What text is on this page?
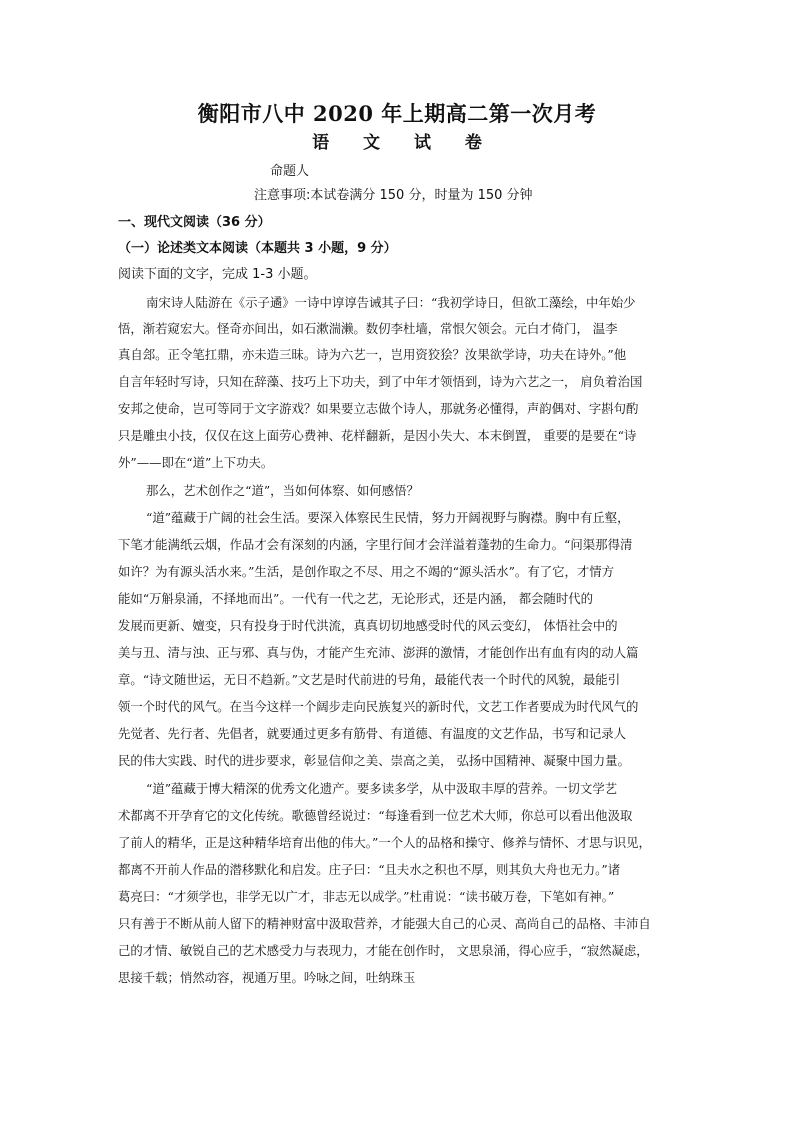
衡阳市八中 2020 年上期高二第一次月考
语 文 试 卷
命题人
注意事项:本试卷满分 150 分，时量为 150 分钟
一、现代文阅读（36 分）
（一）论述类文本阅读（本题共 3 小题，9 分）
阅读下面的文字，完成 1-3 小题。
南宋诗人陆游在《示子遹》一诗中谆谆告诫其子曰：“我初学诗日，但欲工藻绘，中年始少
悟，渐若窥宏大。怪奇亦间出，如石漱湍濑。数仞李杜墙，常恨欠领会。元白才倚门， 温李
真自郐。正令笔扛鼎，亦未造三昧。诗为六艺一，岂用资狡狯？汝果欲学诗，功夫在诗外。”他
自言年轻时写诗，只知在辞藻、技巧上下功夫，到了中年才领悟到，诗为六艺之一， 肩负着治国
安邦之使命，岂可等同于文字游戏？如果要立志做个诗人，那就务必懂得，声韵偶对、字斟句酌
只是雕虫小技，仅仅在这上面劳心费神、花样翻新，是因小失大、本末倒置， 重要的是要在“诗
外”——即在“道”上下功夫。
那么，艺术创作之“道”，当如何体察、如何感悟？
“道”蕴藏于广阔的社会生活。要深入体察民生民情，努力开阔视野与胸襟。胸中有丘壑，
下笔才能满纸云烟，作品才会有深刻的内涵，字里行间才会洋溢着蓬勃的生命力。“问渠那得清
如许？为有源头活水来。”生活，是创作取之不尽、用之不竭的“源头活水”。有了它，才情方
能如“万斛泉涌，不择地而出”。一代有一代之艺，无论形式，还是内涵， 都会随时代的
发展而更新、嬗变，只有投身于时代洪流，真真切切地感受时代的风云变幻， 体悟社会中的
美与丑、清与浊、正与邪、真与伪，才能产生充沛、澎湃的激情，才能创作出有血有肉的动人篇
章。“诗文随世运，无日不趋新。”文艺是时代前进的号角，最能代表一个时代的风貌，最能引
领一个时代的风气。在当今这样一个阔步走向民族复兴的新时代，文艺工作者要成为时代风气的
先觉者、先行者、先倡者，就要通过更多有筋骨、有道德、有温度的文艺作品，书写和记录人
民的伟大实践、时代的进步要求，彰显信仰之美、崇高之美， 弘扬中国精神、凝聚中国力量。
“道”蕴藏于博大精深的优秀文化遗产。要多读多学，从中汲取丰厚的营养。一切文学艺
术都离不开孕育它的文化传统。歌德曾经说过：“每逢看到一位艺术大师，你总可以看出他汲取
了前人的精华，正是这种精华培育出他的伟大。”一个人的品格和操守、修养与情怀、才思与识见，
都离不开前人作品的潜移默化和启发。庄子曰：“且夫水之积也不厚，则其负大舟也无力。”诸
葛亮曰：“才须学也，非学无以广才，非志无以成学。”杜甫说：“读书破万卷，下笔如有神。”
只有善于不断从前人留下的精神财富中汲取营养，才能强大自己的心灵、高尚自己的品格、丰沛自
己的才情、敏锐自己的艺术感受力与表现力，才能在创作时， 文思泉涌，得心应手，“寂然凝虑，
思接千载；悄然动容，视通万里。吟咏之间，吐纳珠玉
